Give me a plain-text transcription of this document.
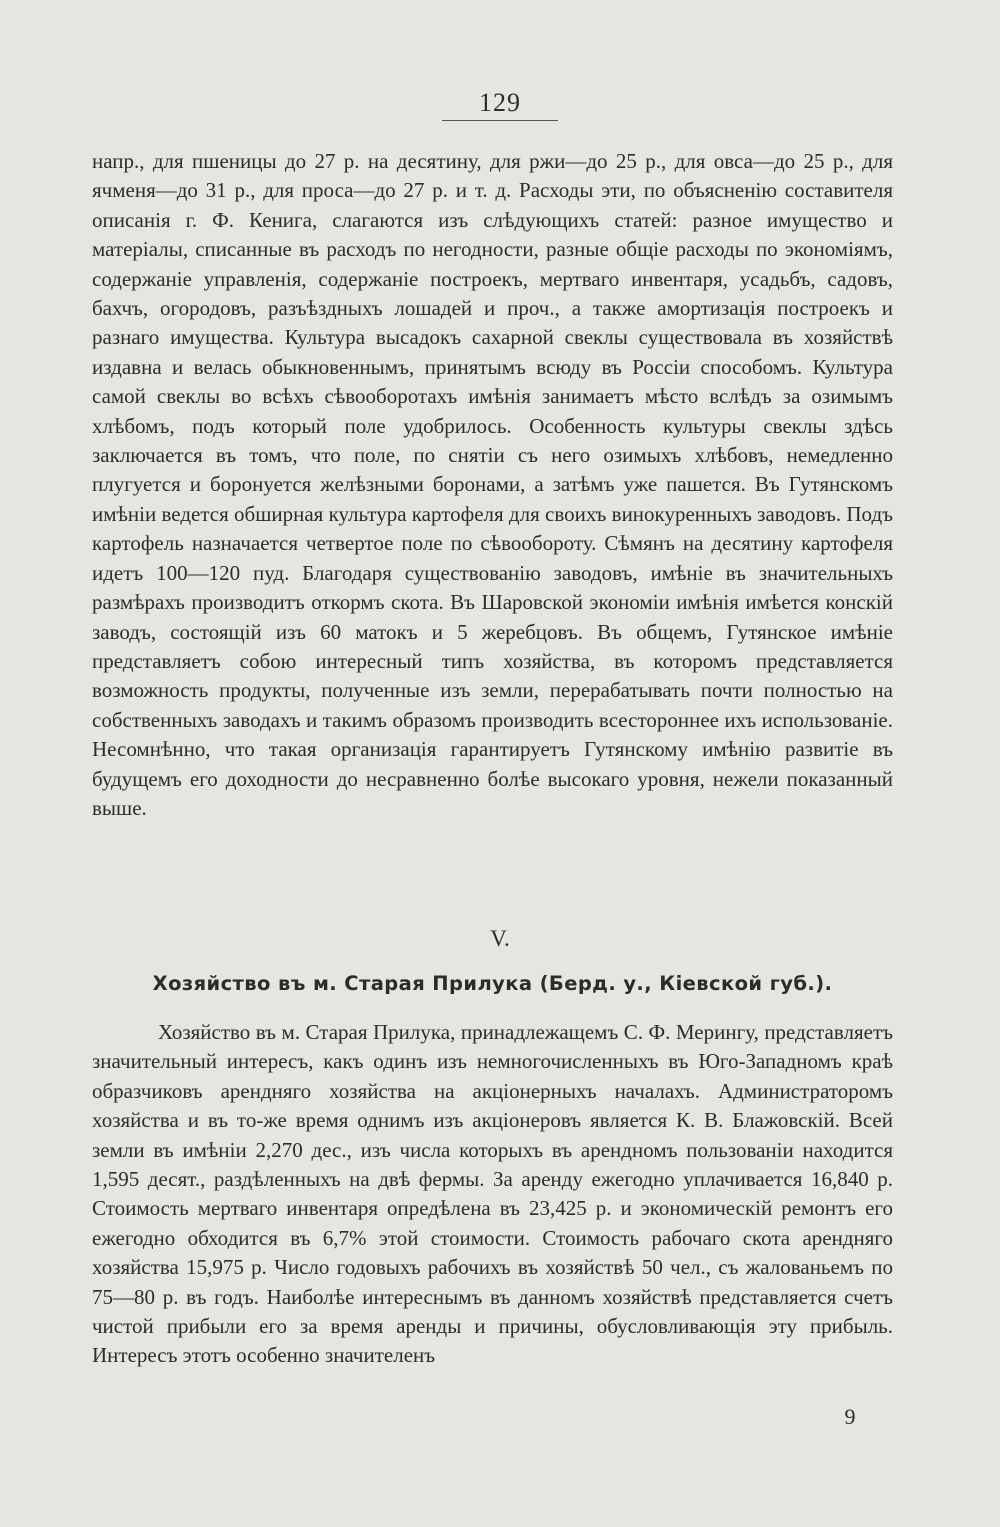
129

напр., для пшеницы до 27 р. на десятину, для ржи—до 25 р., для овса—до 25 р., для ячменя—до 31 р., для проса—до 27 р. и т. д. Расходы эти, по объясненію составителя описанія г. Ф. Кенига, слагаются изъ слѣдующихъ статей: разное имущество и матеріалы, списанные въ расходъ по негодности, разные общіе расходы по экономіямъ, содержаніе управленія, содержаніе построекъ, мертваго инвентаря, усадьбъ, садовъ, бахчъ, огородовъ, разъѣздныхъ лошадей и проч., а также амортизація построекъ и разнаго имущества. Культура высадокъ сахарной свеклы существовала въ хозяйствѣ издавна и велась обыкновеннымъ, принятымъ всюду въ Россіи способомъ. Культура самой свеклы во всѣхъ сѣвооборотахъ имѣнія занимаетъ мѣсто вслѣдъ за озимымъ хлѣбомъ, подъ который поле удобрилось. Особенность культуры свеклы здѣсь заключается въ томъ, что поле, по снятіи съ него озимыхъ хлѣбовъ, немедленно плугуется и боронуется желѣзными боронами, а затѣмъ уже пашется. Въ Гутянскомъ имѣніи ведется обширная культура картофеля для своихъ винокуренныхъ заводовъ. Подъ картофель назначается четвертое поле по сѣвообороту. Сѣмянъ на десятину картофеля идетъ 100—120 пуд. Благодаря существованію заводовъ, имѣніе въ значительныхъ размѣрахъ производитъ откормъ скота. Въ Шаровской экономіи имѣнія имѣется конскій заводъ, состоящій изъ 60 матокъ и 5 жеребцовъ. Въ общемъ, Гутянское имѣніе представляетъ собою интересный типъ хозяйства, въ которомъ представляется возможность продукты, полученные изъ земли, перерабатывать почти полностью на собственныхъ заводахъ и такимъ образомъ производить всестороннее ихъ использованіе. Несомнѣнно, что такая организація гарантируетъ Гутянскому имѣнію развитіе въ будущемъ его доходности до несравненно болѣе высокаго уровня, нежели показанный выше.

V.
Хозяйство въ м. Старая Прилука (Берд. у., Кіевской губ.).

Хозяйство въ м. Старая Прилука, принадлежащемъ С. Ф. Мерингу, представляетъ значительный интересъ, какъ одинъ изъ немногочисленныхъ въ Юго-Западномъ краѣ образчиковъ арендняго хозяйства на акціонерныхъ началахъ. Администраторомъ хозяйства и въ то-же время однимъ изъ акціонеровъ является К. В. Блажовскій. Всей земли въ имѣніи 2,270 дес., изъ числа которыхъ въ арендномъ пользованіи находится 1,595 десят., раздѣленныхъ на двѣ фермы. За аренду ежегодно уплачивается 16,840 р. Стоимость мертваго инвентаря опредѣлена въ 23,425 р. и экономическій ремонтъ его ежегодно обходится въ 6,7% этой стоимости. Стоимость рабочаго скота арендняго хозяйства 15,975 р. Число годовыхъ рабочихъ въ хозяйствѣ 50 чел., съ жалованьемъ по 75—80 р. въ годъ. Наиболѣе интереснымъ въ данномъ хозяйствѣ представляется счетъ чистой прибыли его за время аренды и причины, обусловливающія эту прибыль. Интересъ этотъ особенно значителенъ

9
